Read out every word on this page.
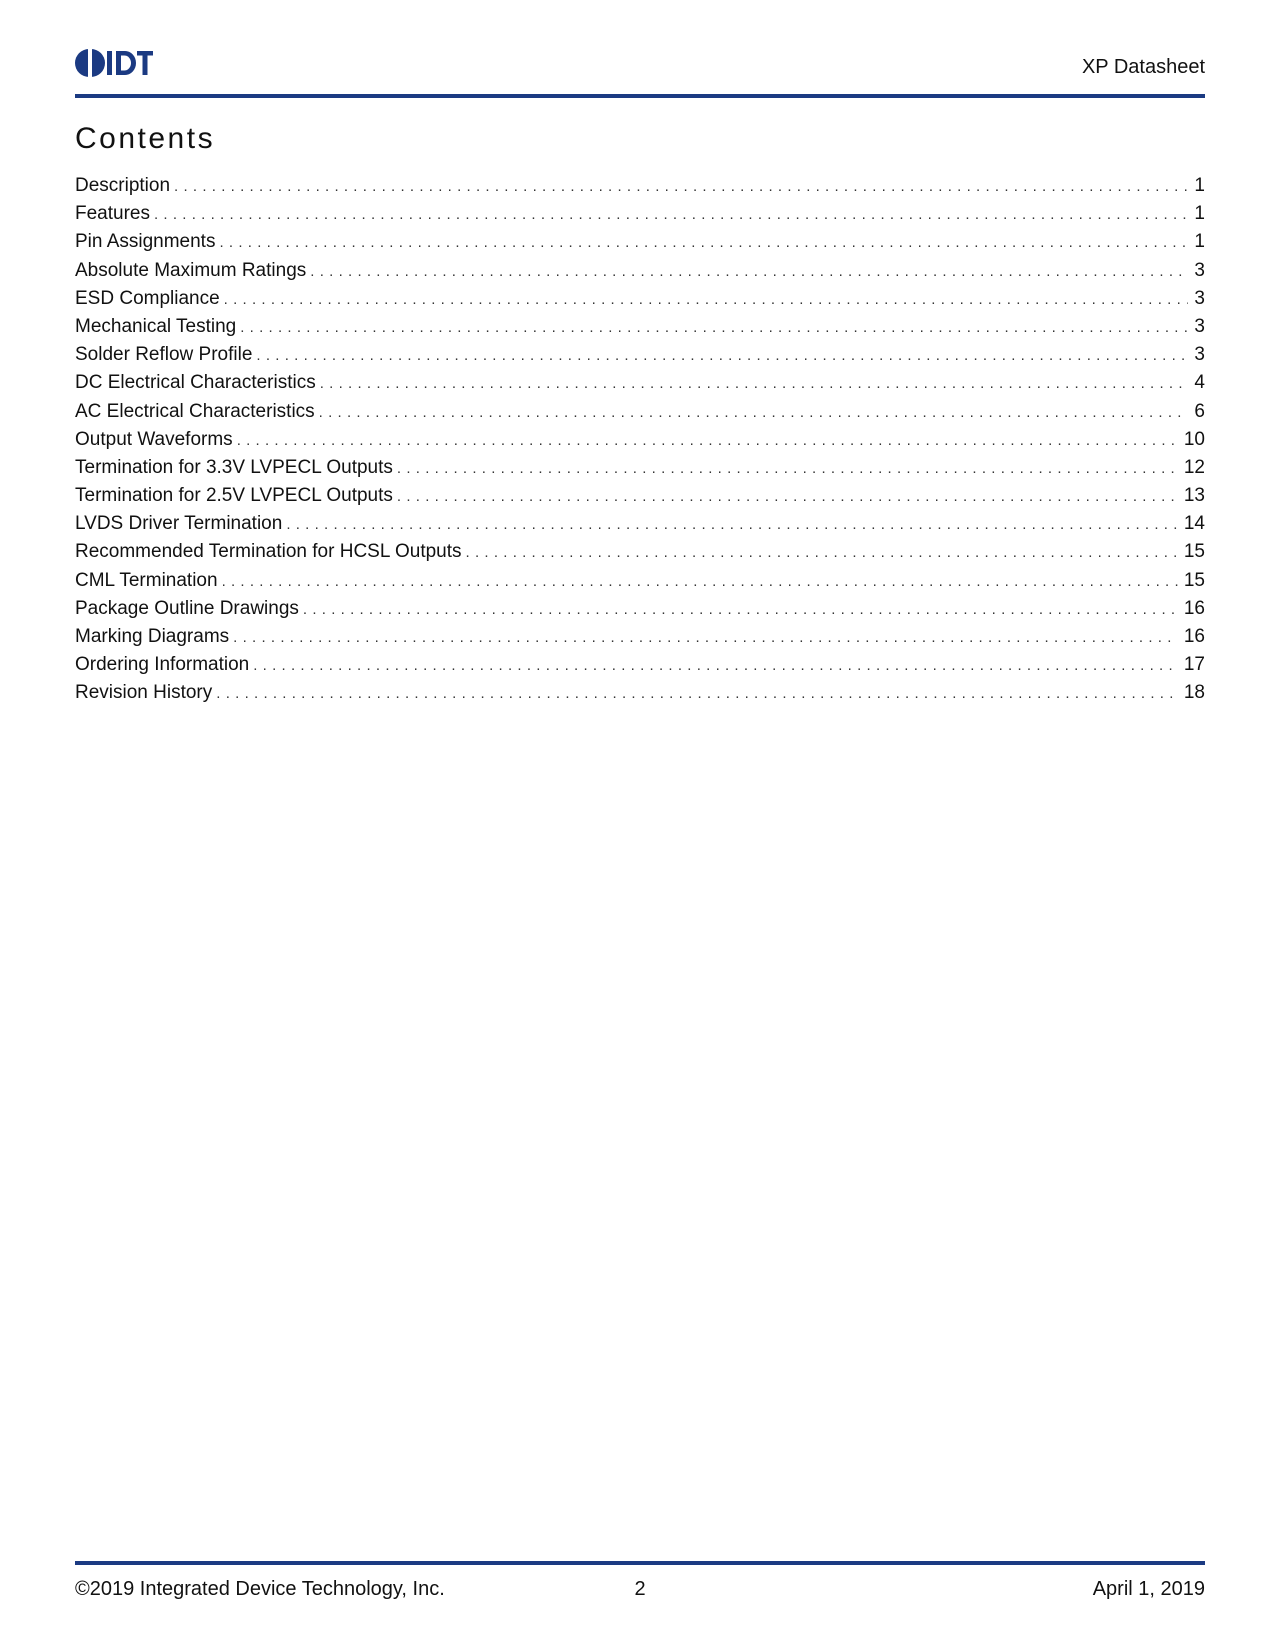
XP Datasheet
Contents
Description . . .	1
Features . . .	1
Pin Assignments . . .	1
Absolute Maximum Ratings . . .	3
ESD Compliance . . .	3
Mechanical Testing . . .	3
Solder Reflow Profile . . .	3
DC Electrical Characteristics . . .	4
AC Electrical Characteristics . . .	6
Output Waveforms . . .	10
Termination for 3.3V LVPECL Outputs . . .	12
Termination for 2.5V LVPECL Outputs . . .	13
LVDS Driver Termination . . .	14
Recommended Termination for HCSL Outputs . . .	15
CML Termination . . .	15
Package Outline Drawings . . .	16
Marking Diagrams . . .	16
Ordering Information . . .	17
Revision History . . .	18
©2019 Integrated Device Technology, Inc.	2	April 1, 2019
